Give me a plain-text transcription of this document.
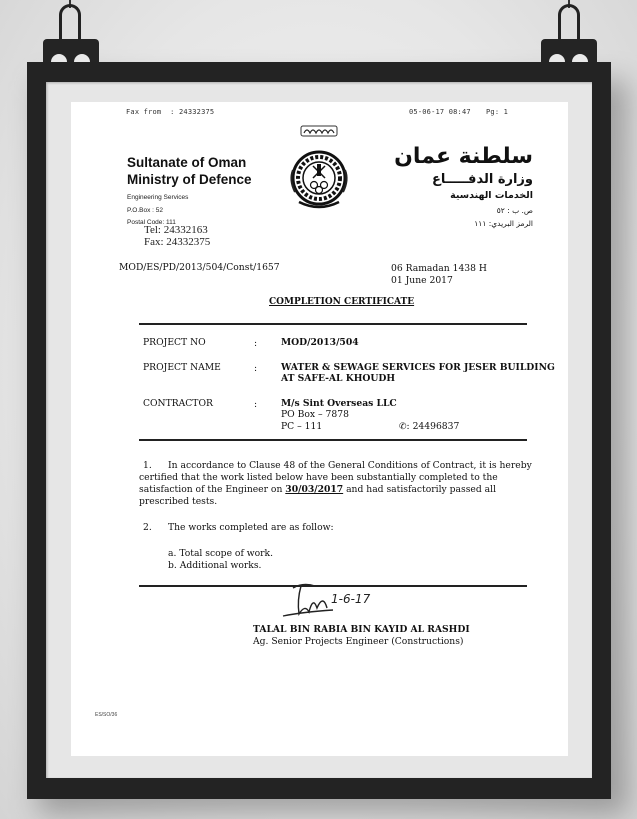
Fax from : 24332375	05-06-17 08:47 Pg: 1
Sultanate of Oman
Ministry of Defence
Engineering Services
P.O.Box : 52
Postal Code: 111
Tel: 24332163
Fax: 24332375
سلطنة عمان
وزارة الدفـــــاع
الخدمات الهندسية
ص. ب : ٥٢
الرمز البريدي: ١١١
MOD/ES/PD/2013/504/Const/1657	06 Ramadan 1438 H
01 June 2017
COMPLETION CERTIFICATE
PROJECT NO	:	MOD/2013/504
PROJECT NAME	:	WATER & SEWAGE SERVICES FOR JESER BUILDING
AT SAFE-AL KHOUDH
CONTRACTOR	:	M/s Sint Overseas LLC
PO Box – 7878
PC – 111	✆: 24496837
1. In accordance to Clause 48 of the General Conditions of Contract, it is hereby
certified that the work listed below have been substantially completed to the
satisfaction of the Engineer on 30/03/2017 and had satisfactorily passed all
prescribed tests.
2. The works completed are as follow:
a. Total scope of work.
b. Additional works.
1-6-17
TALAL BIN RABIA BIN KAYID AL RASHDI
Ag. Senior Projects Engineer (Constructions)
ES/SO/36
